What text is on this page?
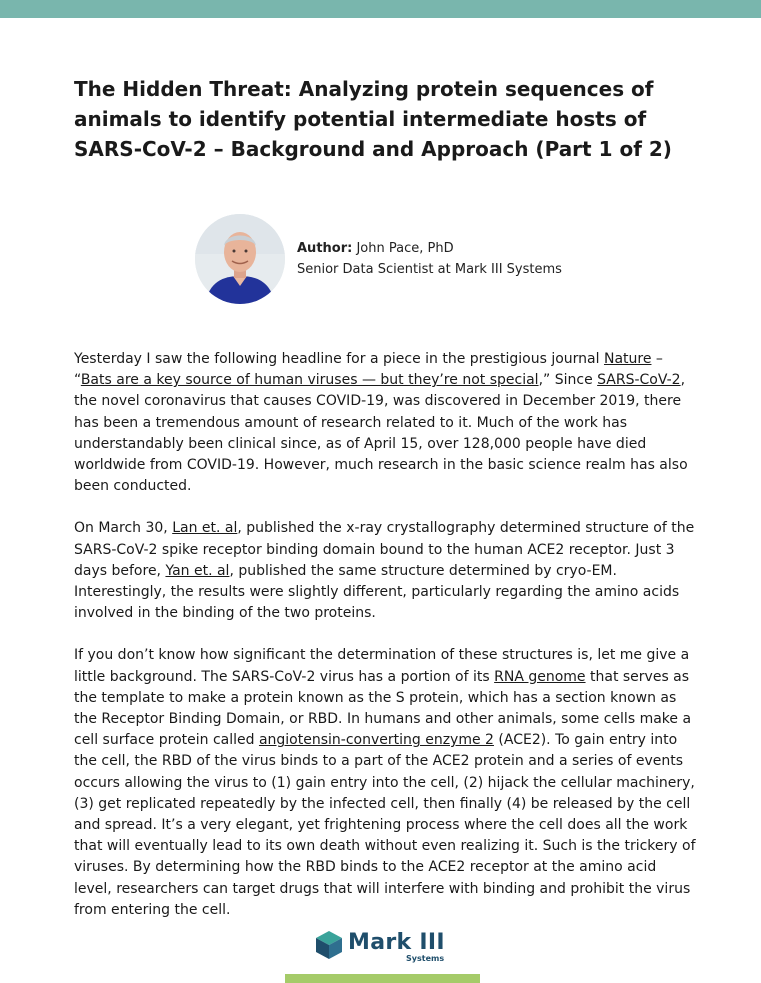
The Hidden Threat: Analyzing protein sequences of animals to identify potential intermediate hosts of SARS-CoV-2 – Background and Approach (Part 1 of 2)
Author: John Pace, PhD
Senior Data Scientist at Mark III Systems

Yesterday I saw the following headline for a piece in the prestigious journal Nature – “Bats are a key source of human viruses — but they’re not special,” Since SARS-CoV-2, the novel coronavirus that causes COVID-19, was discovered in December 2019, there has been a tremendous amount of research related to it. Much of the work has understandably been clinical since, as of April 15, over 128,000 people have died worldwide from COVID-19. However, much research in the basic science realm has also been conducted.

On March 30, Lan et. al, published the x-ray crystallography determined structure of the SARS-CoV-2 spike receptor binding domain bound to the human ACE2 receptor. Just 3 days before, Yan et. al, published the same structure determined by cryo-EM. Interestingly, the results were slightly different, particularly regarding the amino acids involved in the binding of the two proteins.

If you don’t know how significant the determination of these structures is, let me give a little background. The SARS-CoV-2 virus has a portion of its RNA genome that serves as the template to make a protein known as the S protein, which has a section known as the Receptor Binding Domain, or RBD. In humans and other animals, some cells make a cell surface protein called angiotensin-converting enzyme 2 (ACE2). To gain entry into the cell, the RBD of the virus binds to a part of the ACE2 protein and a series of events occurs allowing the virus to (1) gain entry into the cell, (2) hijack the cellular machinery, (3) get replicated repeatedly by the infected cell, then finally (4) be released by the cell and spread. It’s a very elegant, yet frightening process where the cell does all the work that will eventually lead to its own death without even realizing it. Such is the trickery of viruses. By determining how the RBD binds to the ACE2 receptor at the amino acid level, researchers can target drugs that will interfere with binding and prohibit the virus from entering the cell.

Mark III
Systems
